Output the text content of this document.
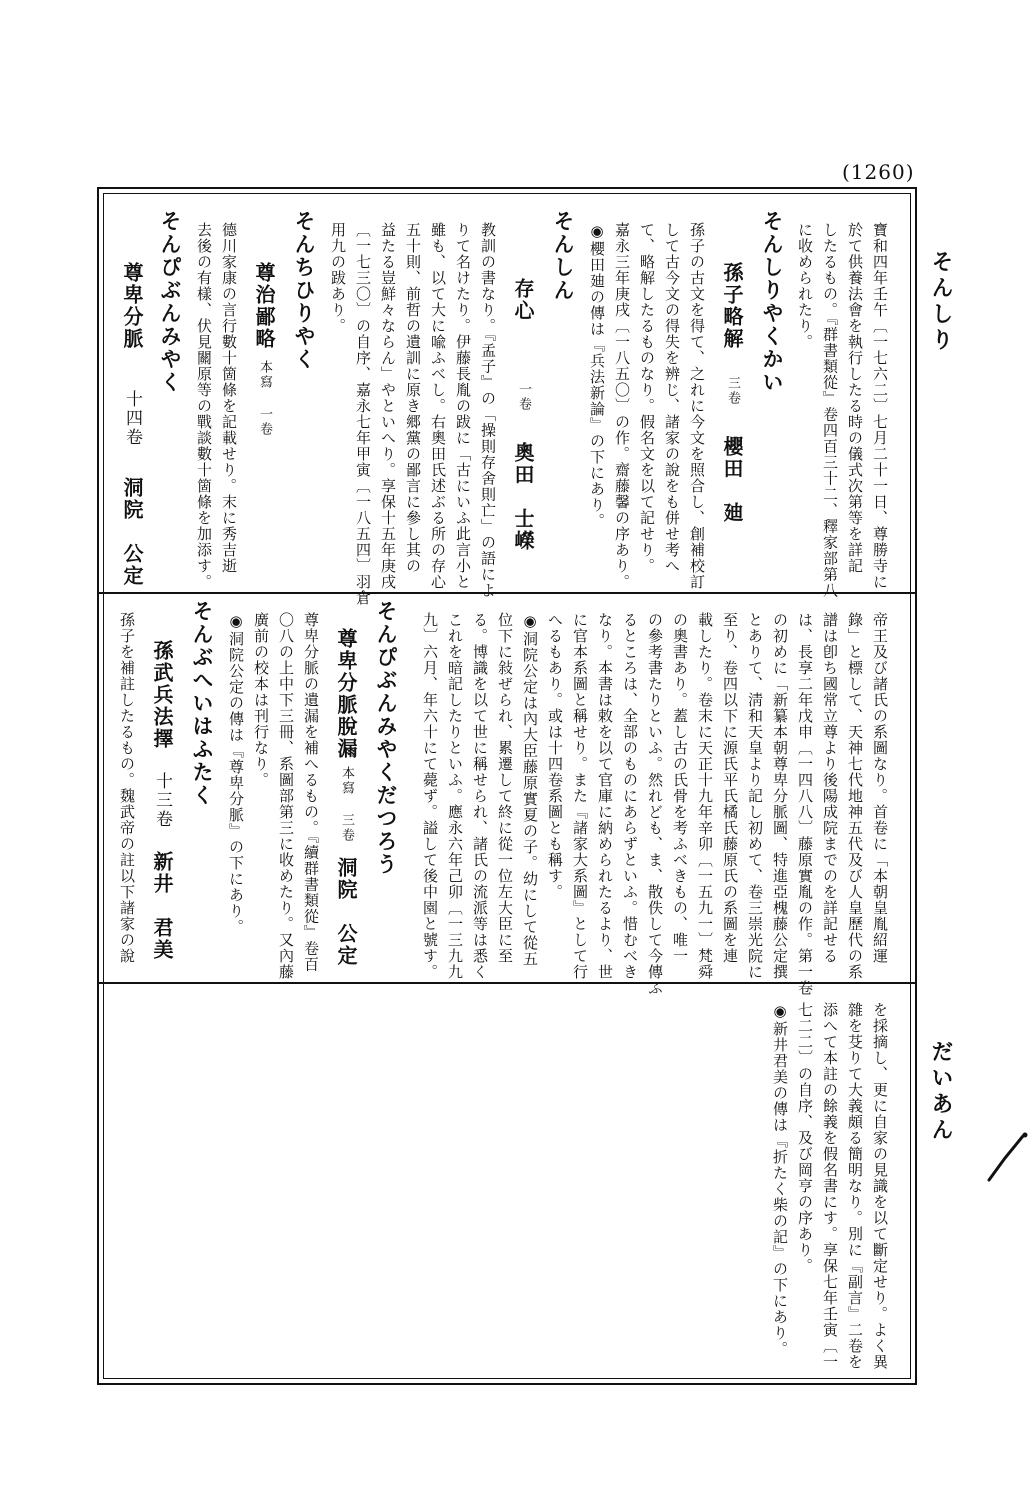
(1260)
そんしり
だいあん
寶和四年壬午〔一七六二〕七月二十一日、尊勝寺に
於て供養法會を執行したる時の儀式次第等を詳記
したるもの。『群書類從』卷四百三十二、釋家部第八
に收められたり。
そんしりやくかい
孫子略解三卷櫻田　廸
孫子の古文を得て、之れに今文を照合し、創補校訂
して古今文の得失を辨じ、諸家の說をも併せ考へ
て、略解したるものなり。假名文を以て記せり。
嘉永三年庚戌〔一八五〇〕の作。齋藤馨の序あり。
◉櫻田廸の傳は『兵法新論』の下にあり。
そんしん
存心一卷奧田　士嶸
教訓の書なり。『孟子』の「操則存舍則亡」の語によ
りて名けたり。伊藤長胤の跋に「古にいふ此言小と
雖も、以て大に喩ふべし。右奧田氏述ぶる所の存心
五十則、前哲の遺訓に原き郷黨の鄙言に參し其の
益たる豈鮮々ならん」やといへり。享保十五年庚戌
〔一七三〇〕の自序、嘉永七年甲寅〔一八五四〕羽倉
用九の跋あり。
そんちひりやく
尊治鄙略本寫 一卷
德川家康の言行數十箇條を記載せり。末に秀吉逝
去後の有樣、伏見關原等の戰談數十箇條を加添す。
そんぴぶんみやく
尊卑分脈十四卷洞院　公定
帝王及び諸氏の系圖なり。首卷に「本朝皇胤紹運
錄」と標して、天神七代地神五代及び人皇歷代の系
譜は卽ち國常立尊より後陽成院までのを詳記せる
は、長享二年戊申〔一四八八〕藤原實胤の作。第一卷
の初めに「新纂本朝尊卑分脈圖、特進亞槐藤公定撰
とありて、淸和天皇より記し初めて、卷三崇光院に
至り、卷四以下に源氏平氏橘氏藤原氏の系圖を連
載したり。卷末に天正十九年辛卯〔一五九一〕梵舜
の奧書あり。蓋し古の氏骨を考ふべきもの、唯一
の參考書たりといふ。然れども、ま、散佚して今傳ふ
るところは、全部のものにあらずといふ。惜むべき
なり。本書は敕を以て官庫に納められたるより、世
に官本系圖と稱せり。また『諸家大系圖』として行
へるもあり。或は十四卷系圖とも稱す。
◉洞院公定は內大臣藤原實夏の子。幼にして從五
位下に敍ぜられ、累遷して終に從一位左大臣に至
る。博識を以て世に稱せられ、諸氏の流派等は悉く
これを暗記したりといふ。應永六年己卯〔一三九九
九〕六月、年六十にて薨ず。謚して後中園と號す。
そんぴぶんみやくだつろう
尊卑分脈脫漏本寫 三卷洞院　公定
尊卑分脈の遺漏を補へるもの。『續群書類從』卷百
〇八の上中下三冊、系圖部第三に收めたり。又內藤
廣前の校本は刊行なり。
◉洞院公定の傳は『尊卑分脈』の下にあり。
そんぶへいはふたく
孫武兵法擇十三卷新井　君美
孫子を補註したるもの。魏武帝の註以下諸家の說
を採摘し、更に自家の見識を以て斷定せり。よく異
雜を芟りて大義頗る簡明なり。別に『副言』二卷を
添へて本註の餘義を假名書にす。享保七年壬寅〔一
七二二〕の自序、及び岡亨の序あり。
◉新井君美の傳は『折たく柴の記』の下にあり。
